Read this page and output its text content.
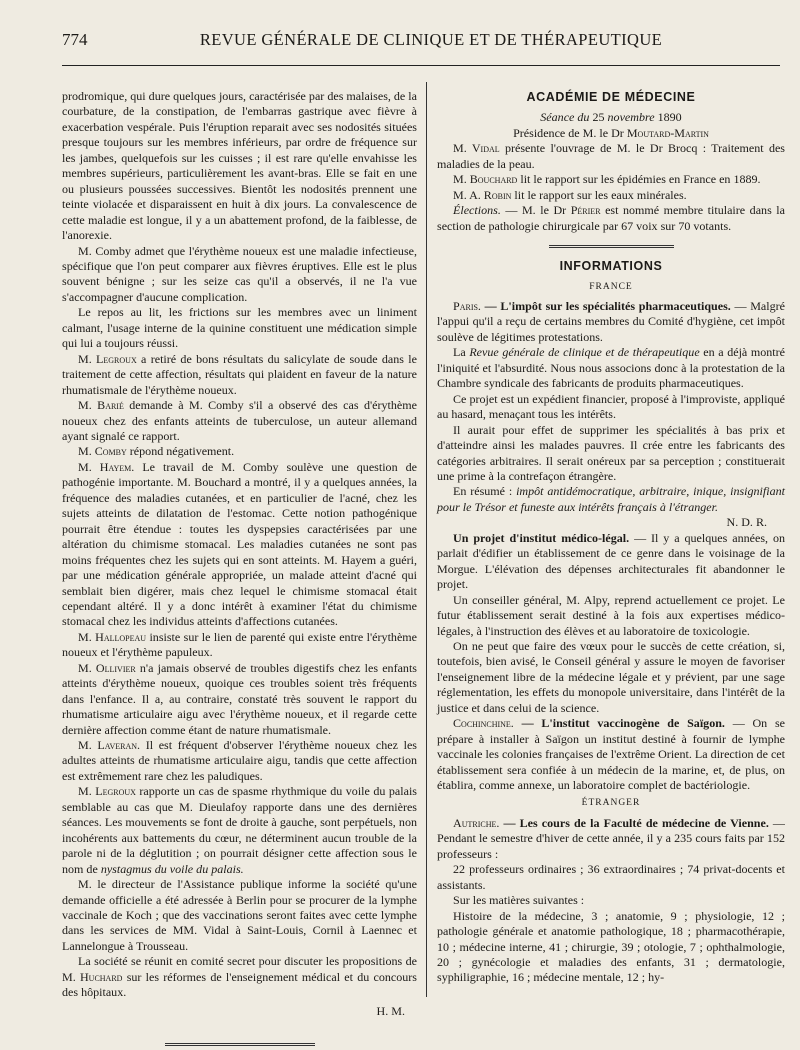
774	REVUE GÉNÉRALE DE CLINIQUE ET DE THÉRAPEUTIQUE

prodromique, qui dure quelques jours, caractérisée par des malaises, de la courbature, de la constipation, de l'embarras gastrique avec fièvre à exacerbation vespérale. Puis l'éruption reparait avec ses nodosités situées presque toujours sur les membres inférieurs, par ordre de fréquence sur les jambes, quelquefois sur les cuisses ; il est rare qu'elle envahisse les membres supérieurs, particulièrement les avant-bras. Elle se fait en une ou plusieurs poussées successives. Bientôt les nodosités prennent une teinte violacée et disparaissent en huit à dix jours. La convalescence de cette maladie est longue, il y a un abattement profond, de la faiblesse, de l'anorexie.

M. Comby admet que l'érythème noueux est une maladie infectieuse, spécifique que l'on peut comparer aux fièvres éruptives. Elle est le plus souvent bénigne ; sur les seize cas qu'il a observés, il ne l'a vue s'accompagner d'aucune complication.

Le repos au lit, les frictions sur les membres avec un liniment calmant, l'usage interne de la quinine constituent une médication simple qui lui a toujours réussi.

M. Legroux a retiré de bons résultats du salicylate de soude dans le traitement de cette affection, résultats qui plaident en faveur de la nature rhumatismale de l'érythème noueux.

M. Barié demande à M. Comby s'il a observé des cas d'érythème noueux chez des enfants atteints de tuberculose, un auteur allemand ayant signalé ce rapport.

M. Comby répond négativement.

M. Hayem. Le travail de M. Comby soulève une question de pathogénie importante. M. Bouchard a montré, il y a quelques années, la fréquence des maladies cutanées, et en particulier de l'acné, chez les sujets atteints de dilatation de l'estomac. Cette notion pathogénique pourrait être étendue : toutes les dyspepsies caractérisées par une altération du chimisme stomacal. Les maladies cutanées ne sont pas moins fréquentes chez les sujets qui en sont atteints. M. Hayem a guéri, par une médication générale appropriée, un malade atteint d'acné qui semblait bien digérer, mais chez lequel le chimisme stomacal était cependant altéré. Il y a donc intérêt à examiner l'état du chimisme stomacal chez les individus atteints d'affections cutanées.

M. Hallopeau insiste sur le lien de parenté qui existe entre l'érythème noueux et l'érythème papuleux.

M. Ollivier n'a jamais observé de troubles digestifs chez les enfants atteints d'érythème noueux, quoique ces troubles soient très fréquents dans l'enfance. Il a, au contraire, constaté très souvent le rapport du rhumatisme articulaire aigu avec l'érythème noueux, et il regarde cette dernière affection comme étant de nature rhumatismale.

M. Laveran. Il est fréquent d'observer l'érythème noueux chez les adultes atteints de rhumatisme articulaire aigu, tandis que cette affection est extrêmement rare chez les paludiques.

M. Legroux rapporte un cas de spasme rhythmique du voile du palais semblable au cas que M. Dieulafoy rapporte dans une des dernières séances. Les mouvements se font de droite à gauche, sont perpétuels, non incohérents aux battements du cœur, ne déterminent aucun trouble de la parole ni de la déglutition ; on pourrait désigner cette affection sous le nom de nystagmus du voile du palais.

M. le directeur de l'Assistance publique informe la société qu'une demande officielle a été adressée à Berlin pour se procurer de la lymphe vaccinale de Koch ; que des vaccinations seront faites avec cette lymphe dans les services de MM. Vidal à Saint-Louis, Cornil à Laennec et Lannelongue à Trousseau.

La société se réunit en comité secret pour discuter les propositions de M. Huchard sur les réformes de l'enseignement médical et du concours des hôpitaux.

H. M.

ACADÉMIE DE MÉDECINE

Séance du 25 novembre 1890

Présidence de M. le Dr Moutard-Martin

M. Vidal présente l'ouvrage de M. le Dr Brocq : Traitement des maladies de la peau.

M. Bouchard lit le rapport sur les épidémies en France en 1889.

M. A. Robin lit le rapport sur les eaux minérales.

Élections. — M. le Dr Périer est nommé membre titulaire dans la section de pathologie chirurgicale par 67 voix sur 70 votants.

INFORMATIONS
FRANCE

Paris. — L'impôt sur les spécialités pharmaceutiques. — Malgré l'appui qu'il a reçu de certains membres du Comité d'hygiène, cet impôt soulève de légitimes protestations.

La Revue générale de clinique et de thérapeutique en a déjà montré l'iniquité et l'absurdité. Nous nous associons donc à la protestation de la Chambre syndicale des fabricants de produits pharmaceutiques.

Ce projet est un expédient financier, proposé à l'improviste, appliqué au hasard, menaçant tous les intérêts.

Il aurait pour effet de supprimer les spécialités à bas prix et d'atteindre ainsi les malades pauvres. Il crée entre les fabricants des catégories arbitraires. Il serait onéreux par sa perception ; constituerait une prime à la contrefaçon étrangère.

En résumé : impôt antidémocratique, arbitraire, inique, insignifiant pour le Trésor et funeste aux intérêts français à l'étranger.
N. D. R.

Un projet d'institut médico-légal. — Il y a quelques années, on parlait d'édifier un établissement de ce genre dans le voisinage de la Morgue. L'élévation des dépenses architecturales fit abandonner le projet.

Un conseiller général, M. Alpy, reprend actuellement ce projet. Le futur établissement serait destiné à la fois aux expertises médico-légales, à l'instruction des élèves et au laboratoire de toxicologie.

On ne peut que faire des vœux pour le succès de cette création, si, toutefois, bien avisé, le Conseil général y assure le moyen de favoriser l'enseignement libre de la médecine légale et y prévient, par une sage réglementation, les effets du monopole universitaire, dans l'intérêt de la justice et dans celui de la science.

Cochinchine. — L'institut vaccinogène de Saïgon. — On se prépare à installer à Saïgon un institut destiné à fournir de lymphe vaccinale les colonies françaises de l'extrême Orient. La direction de cet établissement sera confiée à un médecin de la marine, et, de plus, on établira, comme annexe, un laboratoire complet de bactériologie.

ÉTRANGER

Autriche. — Les cours de la Faculté de médecine de Vienne. — Pendant le semestre d'hiver de cette année, il y a 235 cours faits par 152 professeurs :

22 professeurs ordinaires ; 36 extraordinaires ; 74 privat-docents et assistants.

Sur les matières suivantes :

Histoire de la médecine, 3 ; anatomie, 9 ; physiologie, 12 ; pathologie générale et anatomie pathologique, 18 ; pharmacothérapie, 10 ; médecine interne, 41 ; chirurgie, 39 ; otologie, 7 ; ophthalmologie, 20 ; gynécologie et maladies des enfants, 31 ; dermatologie, syphiligraphie, 16 ; médecine mentale, 12 ; hy-
